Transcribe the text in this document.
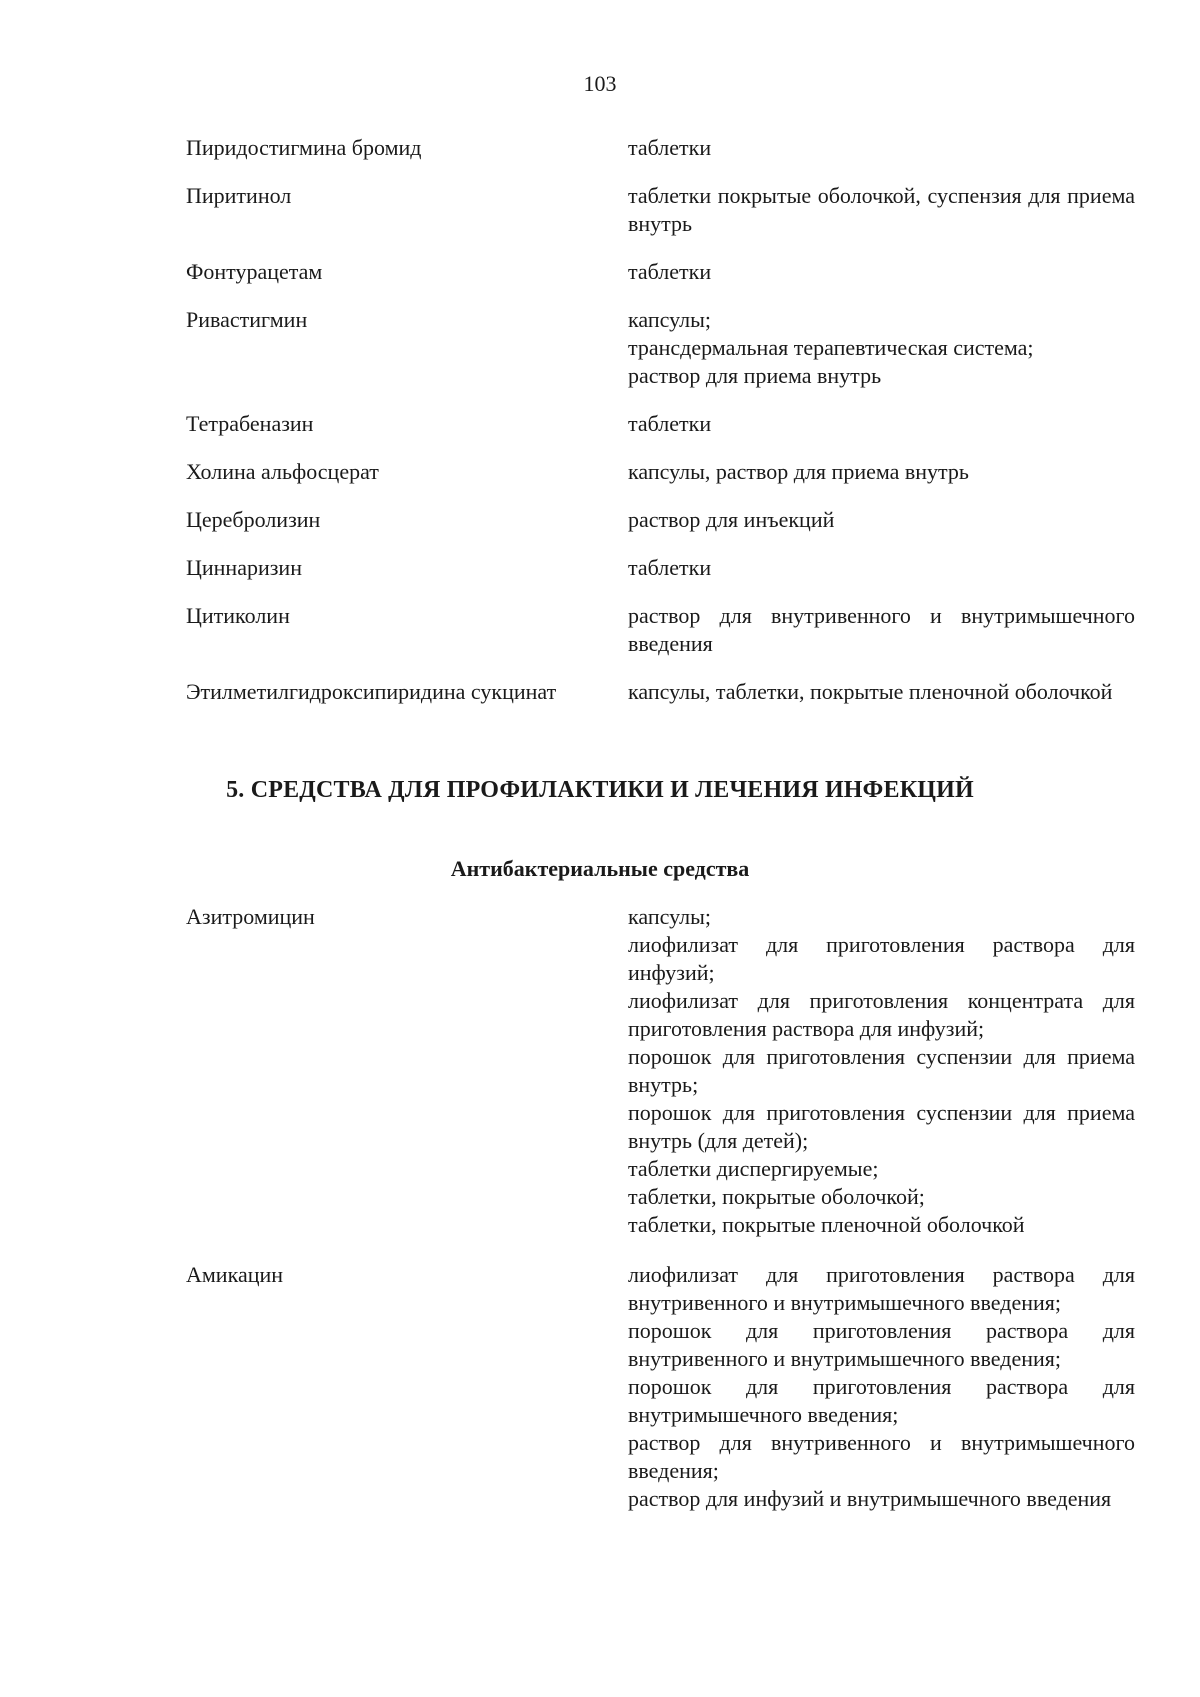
103
Пиридостигмина бромид	таблетки
Пиритинол	таблетки покрытые оболочкой, суспензия для приема внутрь
Фонтурацетам	таблетки
Ривастигмин	капсулы;
трансдермальная терапевтическая система;
раствор для приема внутрь
Тетрабеназин	таблетки
Холина альфосцерат	капсулы, раствор для приема внутрь
Церебролизин	раствор для инъекций
Циннаризин	таблетки
Цитиколин	раствор для внутривенного и внутримышечного введения
Этилметилгидроксипиридина сукцинат	капсулы, таблетки, покрытые пленочной оболочкой
5. СРЕДСТВА ДЛЯ ПРОФИЛАКТИКИ И ЛЕЧЕНИЯ ИНФЕКЦИЙ
Антибактериальные средства
Азитромицин	капсулы;
лиофилизат для приготовления раствора для инфузий;
лиофилизат для приготовления концентрата для приготовления раствора для инфузий;
порошок для приготовления суспензии для приема внутрь;
порошок для приготовления суспензии для приема внутрь (для детей);
таблетки диспергируемые;
таблетки, покрытые оболочкой;
таблетки, покрытые пленочной оболочкой
Амикацин	лиофилизат для приготовления раствора для внутривенного и внутримышечного введения;
порошок для приготовления раствора для внутривенного и внутримышечного введения;
порошок для приготовления раствора для внутримышечного введения;
раствор для внутривенного и внутримышечного введения;
раствор для инфузий и внутримышечного введения
